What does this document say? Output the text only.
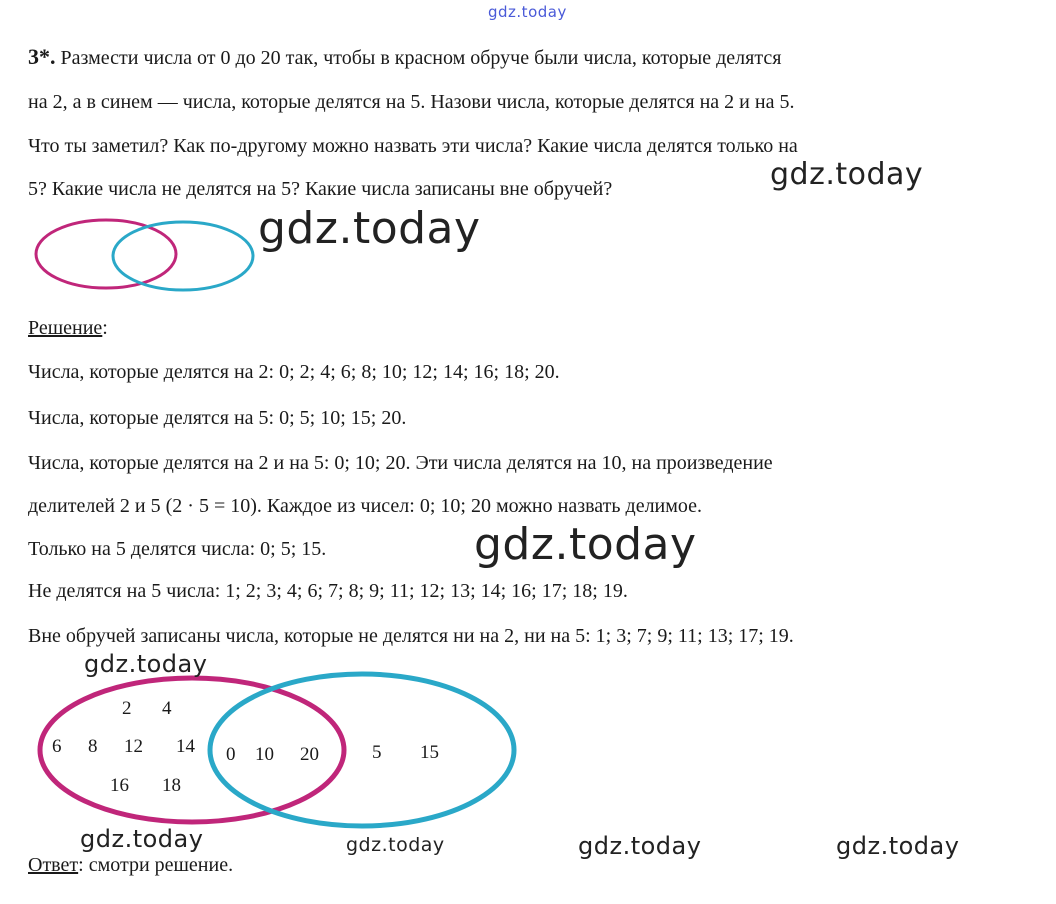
gdz.today
3*. Размести числа от 0 до 20 так, чтобы в красном обруче были числа, которые делятся
на 2, а в синем — числа, которые делятся на 5. Назови числа, которые делятся на 2 и на 5.
Что ты заметил? Как по-другому можно назвать эти числа? Какие числа делятся только на
5? Какие числа не делятся на 5? Какие числа записаны вне обручей?	gdz.today
gdz.today
2 4
6 8 12 14
16 18
0 10 20	5 15
Решение:
Числа, которые делятся на 2: 0; 2; 4; 6; 8; 10; 12; 14; 16; 18; 20.
Числа, которые делятся на 5: 0; 5; 10; 15; 20.
Числа, которые делятся на 2 и на 5: 0; 10; 20. Эти числа делятся на 10, на произведение
делителей 2 и 5 (2 · 5 = 10). Каждое из чисел: 0; 10; 20 можно назвать делимое.
Только на 5 делятся числа: 0; 5; 15.	gdz.today
Не делятся на 5 числа: 1; 2; 3; 4; 6; 7; 8; 9; 11; 12; 13; 14; 16; 17; 18; 19.
Вне обручей записаны числа, которые не делятся ни на 2, ни на 5: 1; 3; 7; 9; 11; 13; 17; 19.
gdz.today
gdz.today	gdz.today	gdz.today	gdz.today
Ответ: смотри решение.
